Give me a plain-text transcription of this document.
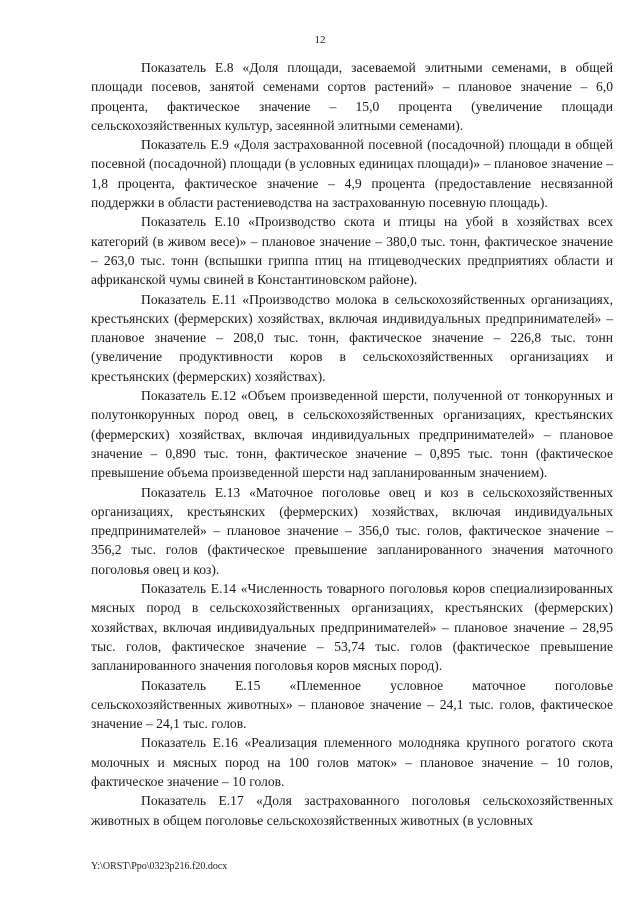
12

Показатель Е.8 «Доля площади, засеваемой элитными семенами, в общей площади посевов, занятой семенами сортов растений» – плановое значение – 6,0 процента, фактическое значение – 15,0 процента (увеличение площади сельскохозяйственных культур, засеянной элитными семенами).

Показатель Е.9 «Доля застрахованной посевной (посадочной) площади в общей посевной (посадочной) площади (в условных единицах площади)» – плановое значение – 1,8 процента, фактическое значение – 4,9 процента (предоставление несвязанной поддержки в области растениеводства на застрахованную посевную площадь).

Показатель Е.10 «Производство скота и птицы на убой в хозяйствах всех категорий (в живом весе)» – плановое значение – 380,0 тыс. тонн, фактическое значение – 263,0 тыс. тонн (вспышки гриппа птиц на птицеводческих предприятиях области и африканской чумы свиней в Константиновском районе).

Показатель Е.11 «Производство молока в сельскохозяйственных организациях, крестьянских (фермерских) хозяйствах, включая индивидуальных предпринимателей» – плановое значение – 208,0 тыс. тонн, фактическое значение – 226,8 тыс. тонн (увеличение продуктивности коров в сельскохозяйственных организациях и крестьянских (фермерских) хозяйствах).

Показатель Е.12 «Объем произведенной шерсти, полученной от тонкорунных и полутонкорунных пород овец, в сельскохозяйственных организациях, крестьянских (фермерских) хозяйствах, включая индивидуальных предпринимателей» – плановое значение – 0,890 тыс. тонн, фактическое значение – 0,895 тыс. тонн (фактическое превышение объема произведенной шерсти над запланированным значением).

Показатель Е.13 «Маточное поголовье овец и коз в сельскохозяйственных организациях, крестьянских (фермерских) хозяйствах, включая индивидуальных предпринимателей» – плановое значение – 356,0 тыс. голов, фактическое значение – 356,2 тыс. голов (фактическое превышение запланированного значения маточного поголовья овец и коз).

Показатель Е.14 «Численность товарного поголовья коров специализированных мясных пород в сельскохозяйственных организациях, крестьянских (фермерских) хозяйствах, включая индивидуальных предпринимателей» – плановое значение – 28,95 тыс. голов, фактическое значение – 53,74 тыс. голов (фактическое превышение запланированного значения поголовья коров мясных пород).

Показатель Е.15 «Племенное условное маточное поголовье сельскохозяйственных животных» – плановое значение – 24,1 тыс. голов, фактическое значение – 24,1 тыс. голов.

Показатель Е.16 «Реализация племенного молодняка крупного рогатого скота молочных и мясных пород на 100 голов маток» – плановое значение – 10 голов, фактическое значение – 10 голов.

Показатель Е.17 «Доля застрахованного поголовья сельскохозяйственных животных в общем поголовье сельскохозяйственных животных (в условных

Y:\ORST\Ppo\0323p216.f20.docx
